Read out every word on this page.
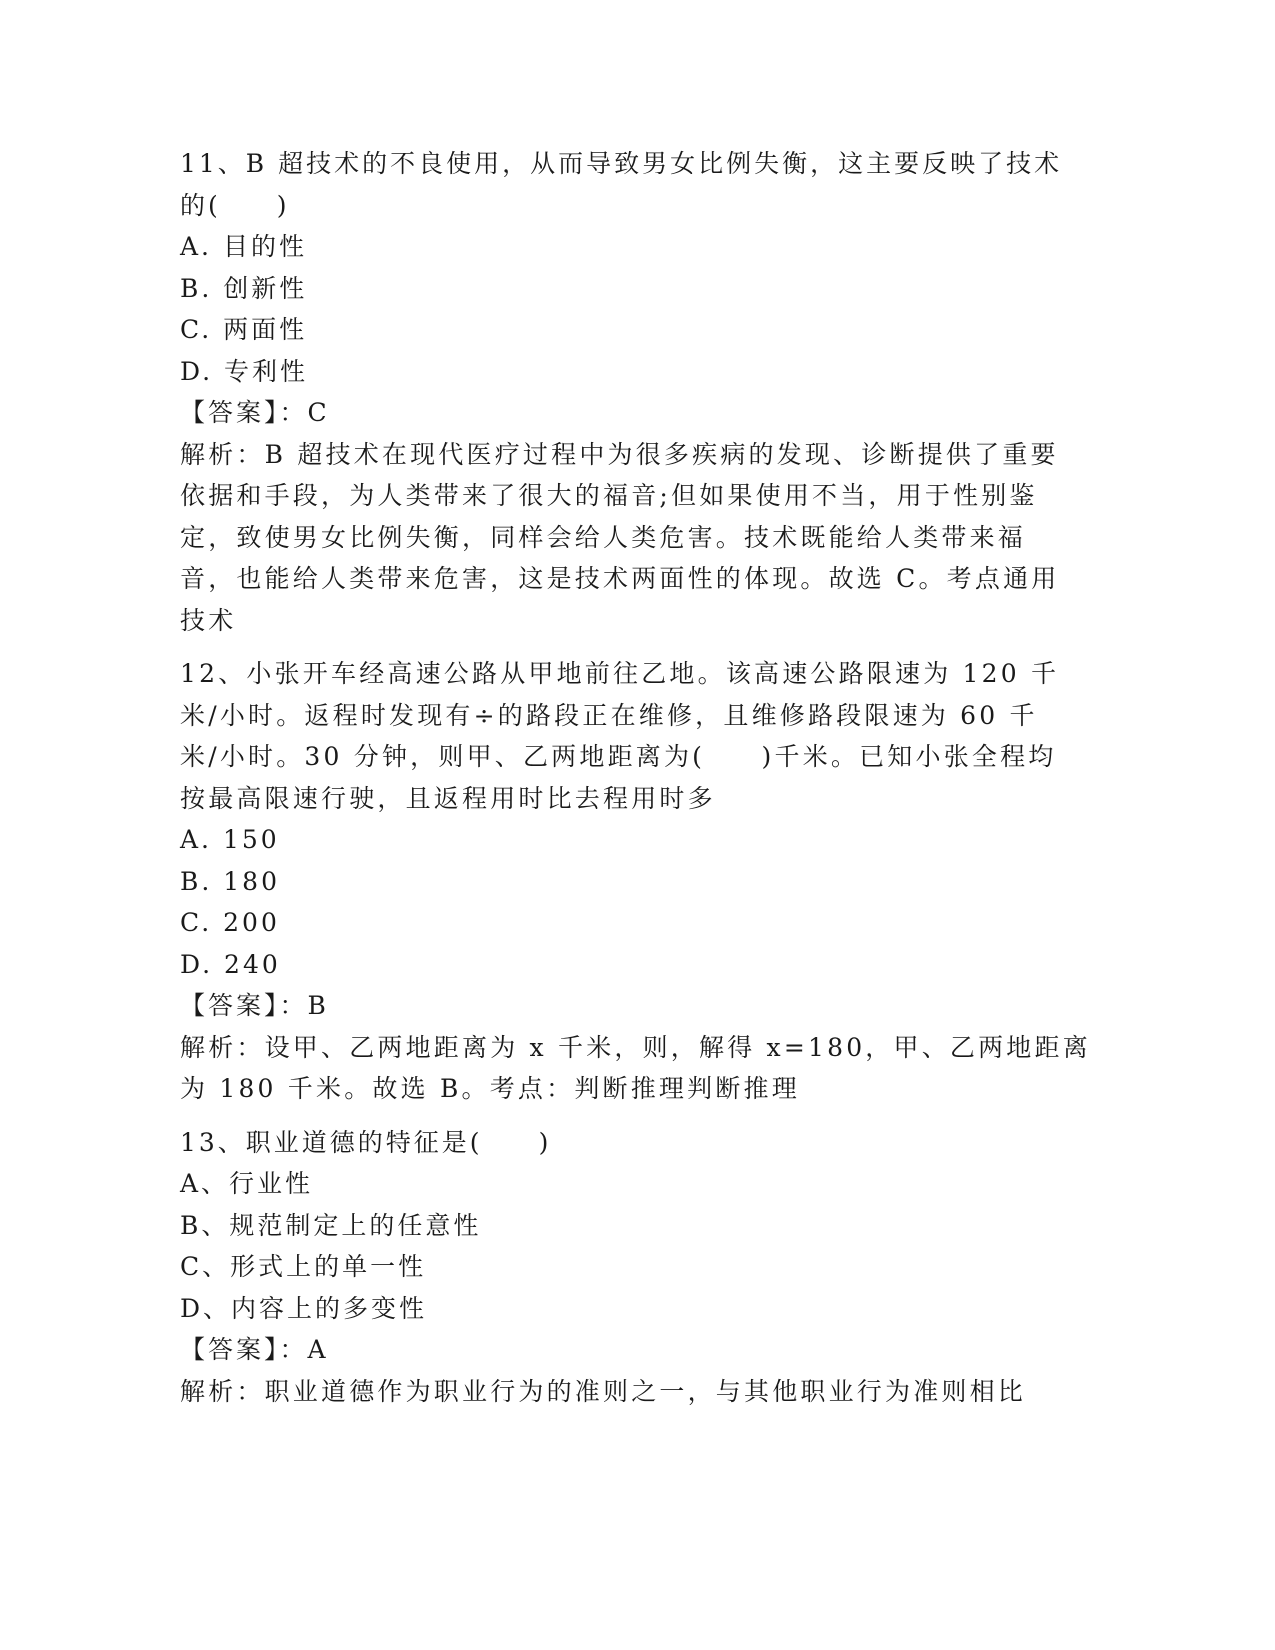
11、B 超技术的不良使用，从而导致男女比例失衡，这主要反映了技术
的(　　)
A. 目的性
B. 创新性
C. 两面性
D. 专利性
【答案】：C
解析：B 超技术在现代医疗过程中为很多疾病的发现、诊断提供了重要
依据和手段，为人类带来了很大的福音;但如果使用不当，用于性别鉴
定，致使男女比例失衡，同样会给人类危害。技术既能给人类带来福
音，也能给人类带来危害，这是技术两面性的体现。故选 C。考点通用
技术
12、小张开车经高速公路从甲地前往乙地。该高速公路限速为 120 千
米/小时。返程时发现有÷的路段正在维修，且维修路段限速为 60 千
米/小时。30 分钟，则甲、乙两地距离为(　　)千米。已知小张全程均
按最高限速行驶，且返程用时比去程用时多
A. 150
B. 180
C. 200
D. 240
【答案】：B
解析：设甲、乙两地距离为 x 千米，则，解得 x=180，甲、乙两地距离
为 180 千米。故选 B。考点：判断推理判断推理
13、职业道德的特征是(　　)
A、行业性
B、规范制定上的任意性
C、形式上的单一性
D、内容上的多变性
【答案】：A
解析：职业道德作为职业行为的准则之一，与其他职业行为准则相比
